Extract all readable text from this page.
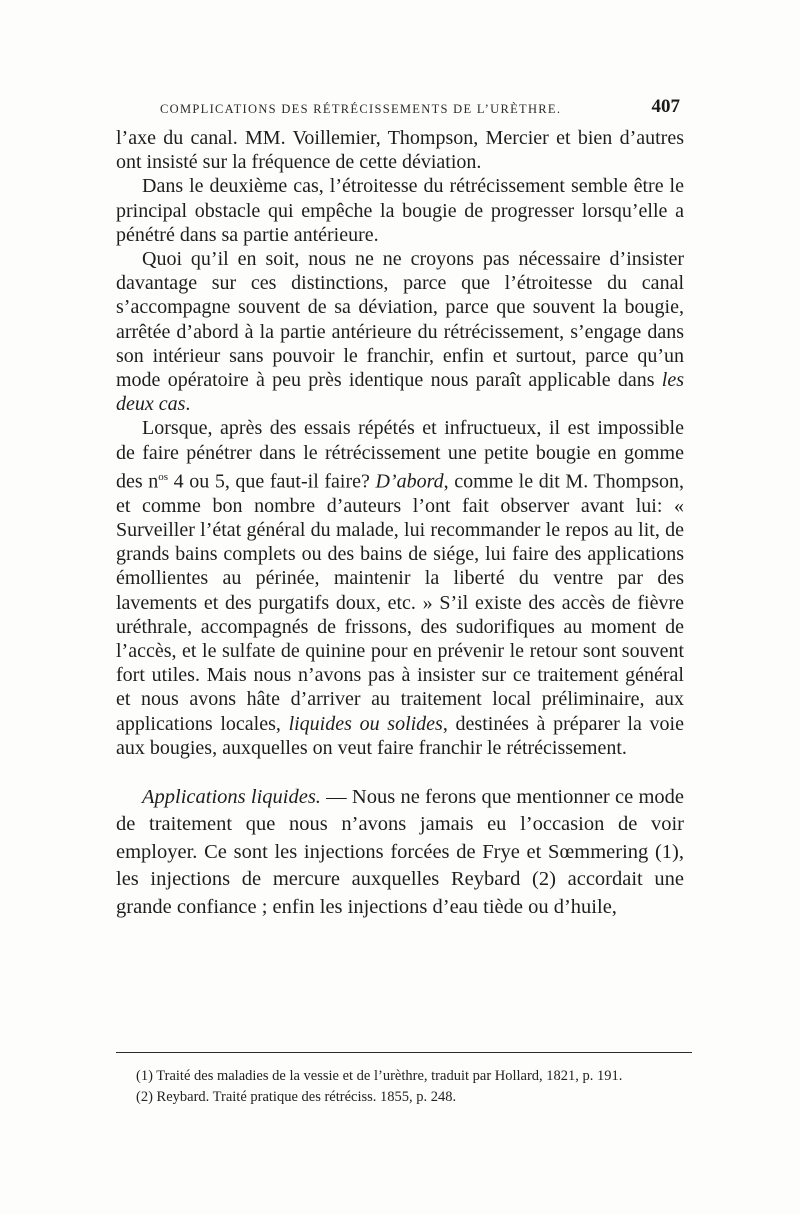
COMPLICATIONS DES RÉTRÉCISSEMENTS DE L’URÈTHRE.	407

l’axe du canal. MM. Voillemier, Thompson, Mercier et bien d’autres ont insisté sur la fréquence de cette déviation.

Dans le deuxième cas, l’étroitesse du rétrécissement semble être le principal obstacle qui empêche la bougie de progresser lorsqu’elle a pénétré dans sa partie antérieure.

Quoi qu’il en soit, nous ne ne croyons pas nécessaire d’insister davantage sur ces distinctions, parce que l’étroitesse du canal s’accompagne souvent de sa déviation, parce que souvent la bougie, arrêtée d’abord à la partie antérieure du rétrécissement, s’engage dans son intérieur sans pouvoir le franchir, enfin et surtout, parce qu’un mode opératoire à peu près identique nous paraît applicable dans les deux cas.

Lorsque, après des essais répétés et infructueux, il est impossible de faire pénétrer dans le rétrécissement une petite bougie en gomme des $n^{os}$ 4 ou 5, que faut-il faire? D’abord, comme le dit M. Thompson, et comme bon nombre d’auteurs l’ont fait observer avant lui: « Surveiller l’état général du malade, lui recommander le repos au lit, de grands bains complets ou des bains de siége, lui faire des applications émollientes au périnée, maintenir la liberté du ventre par des lavements et des purgatifs doux, etc. » S’il existe des accès de fièvre uréthrale, accompagnés de frissons, des sudorifiques au moment de l’accès, et le sulfate de quinine pour en prévenir le retour sont souvent fort utiles. Mais nous n’avons pas à insister sur ce traitement général et nous avons hâte d’arriver au traitement local préliminaire, aux applications locales, liquides ou solides, destinées à préparer la voie aux bougies, auxquelles on veut faire franchir le rétrécissement.

Applications liquides. — Nous ne ferons que mentionner ce mode de traitement que nous n’avons jamais eu l’occasion de voir employer. Ce sont les injections forcées de Frye et Sœmmering (1), les injections de mercure auxquelles Reybard (2) accordait une grande confiance ; enfin les injections d’eau tiède ou d’huile,

(1) Traité des maladies de la vessie et de l’urèthre, traduit par Hollard, 1821, p. 191.

(2) Reybard. Traité pratique des rétréciss. 1855, p. 248.
